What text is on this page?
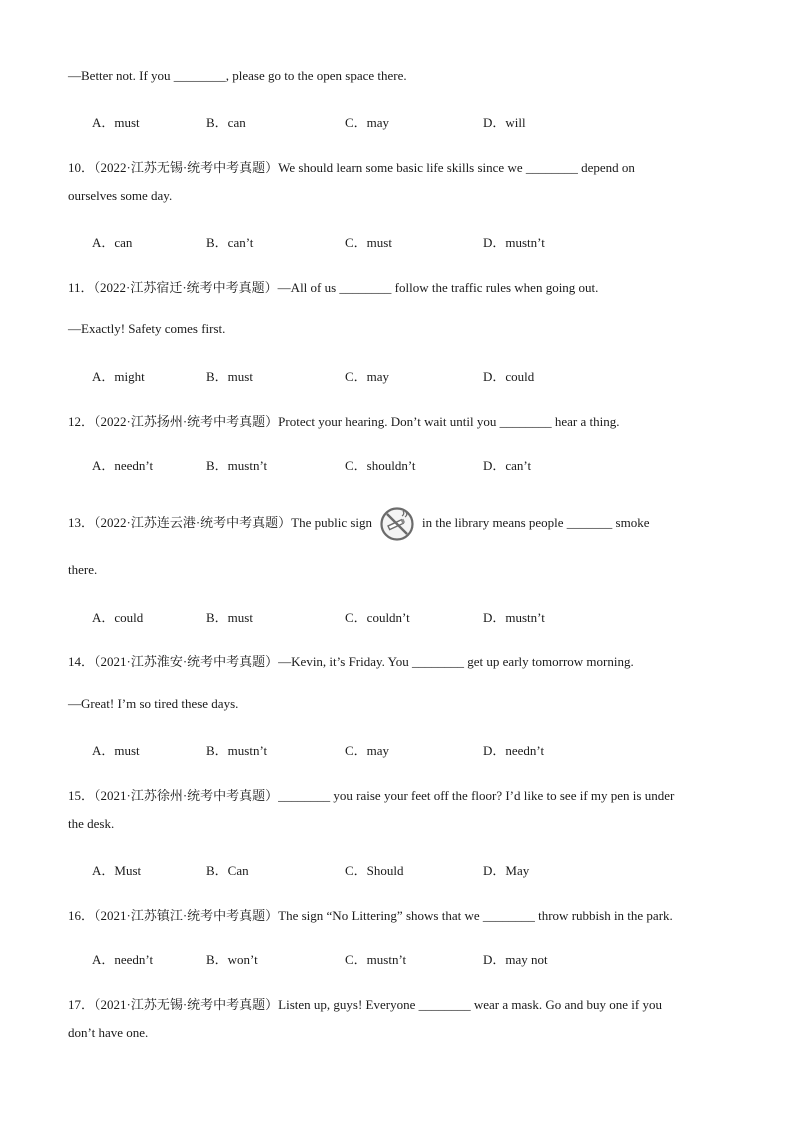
—Better not. If you ________, please go to the open space there.
A．must	B．can	C．may	D．will
10．（2022·江苏无锡·统考中考真题）We should learn some basic life skills since we ________ depend on
ourselves some day.
A．can	B．can’t	C．must	D．mustn’t
11．（2022·江苏宿迁·统考中考真题）—All of us ________ follow the traffic rules when going out.
—Exactly! Safety comes first.
A．might	B．must	C．may	D．could
12．（2022·江苏扬州·统考中考真题）Protect your hearing. Don’t wait until you ________ hear a thing.
A．needn’t	B．mustn’t	C．shouldn’t	D．can’t
13．（2022·江苏连云港·统考中考真题）The public sign	in the library means people _______ smoke
there.
A．could	B．must	C．couldn’t	D．mustn’t
14．（2021·江苏淮安·统考中考真题）—Kevin, it’s Friday. You ________ get up early tomorrow morning.
—Great! I’m so tired these days.
A．must	B．mustn’t	C．may	D．needn’t
15．（2021·江苏徐州·统考中考真题）________ you raise your feet off the floor? I’d like to see if my pen is under
the desk.
A．Must	B．Can	C．Should	D．May
16．（2021·江苏镇江·统考中考真题）The sign “No Littering” shows that we ________ throw rubbish in the park.
A．needn’t	B．won’t	C．mustn’t	D．may not
17．（2021·江苏无锡·统考中考真题）Listen up, guys! Everyone ________ wear a mask. Go and buy one if you
don’t have one.
